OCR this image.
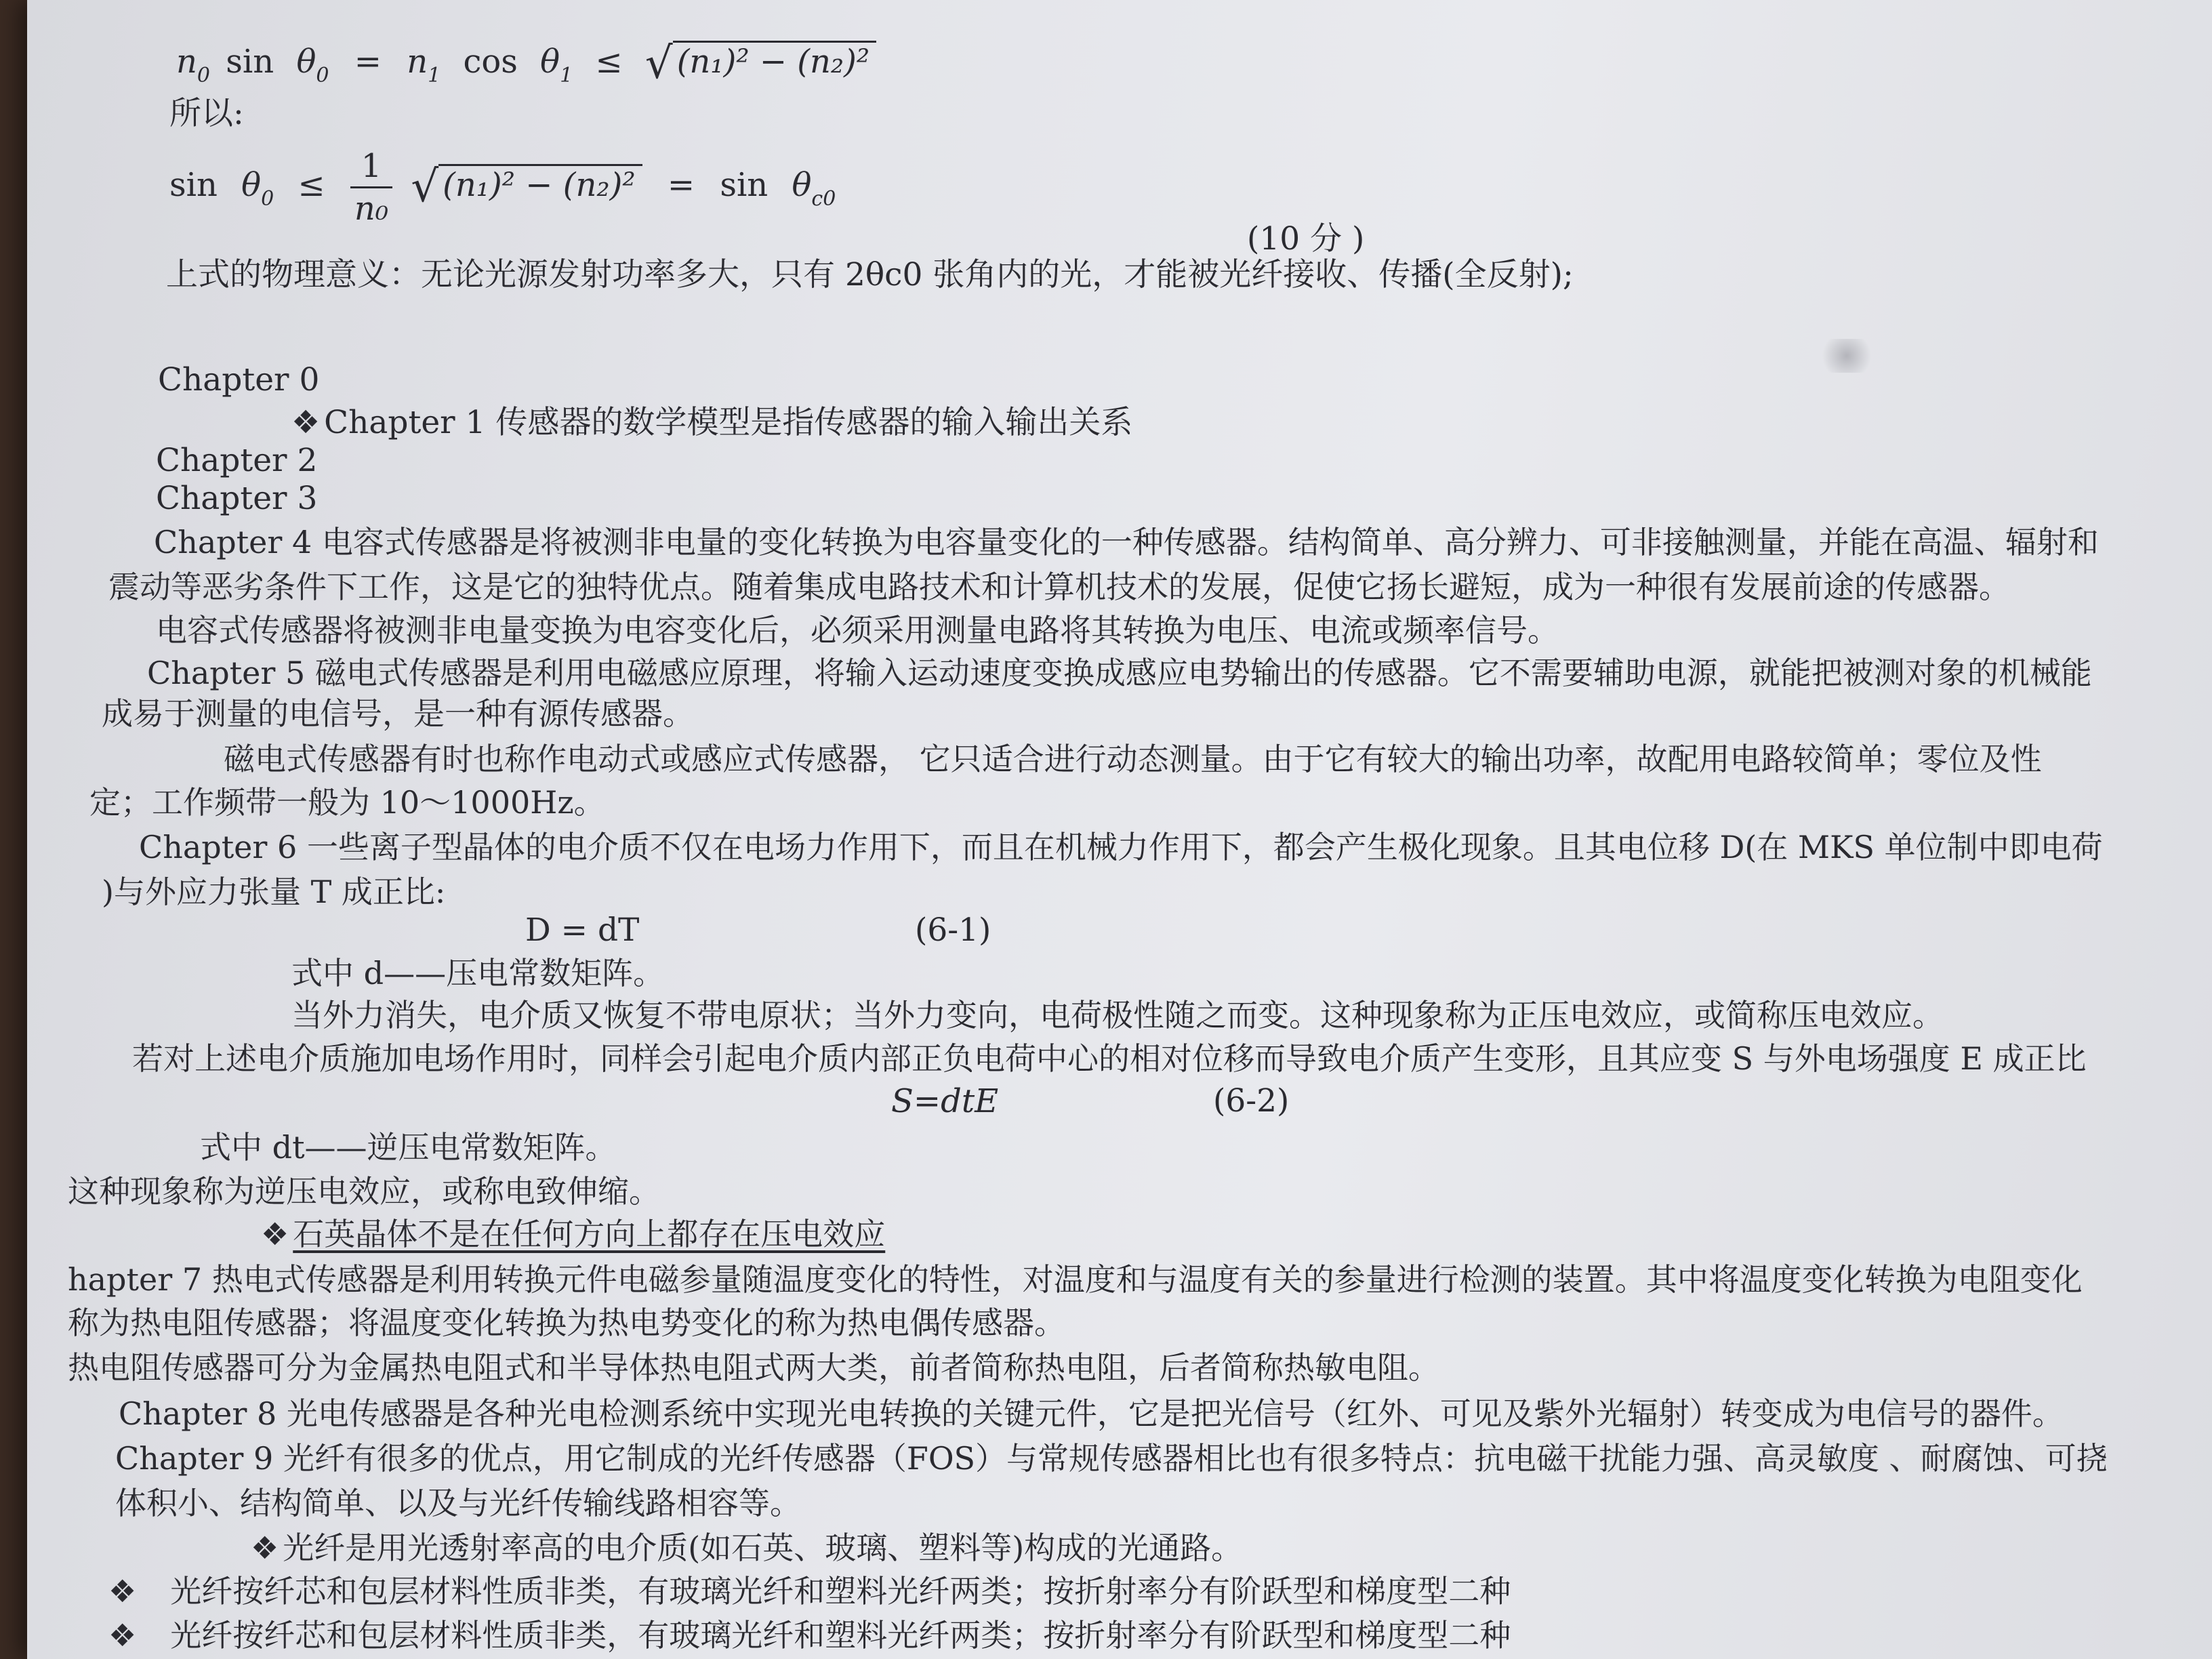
$n_0$ $\sin \theta_0 = n_1$ $\cos \theta_1$ ≤ √ (n₁)² − (n₂)²
所以:
$\sin \theta_0 \le \frac{1}{\text{n₀}}$ √ $(n_1)^2 - (n_2)^2 = \sin \theta_{c0}$
(10 分 )
上式的物理意义：无论光源发射功率多大，只有 2θc0 张角内的光，才能被光纤接收、传播(全反射);
Chapter 0
❖ Chapter 1 传感器的数学模型是指传感器的输入输出关系
Chapter 2
Chapter 3
Chapter 4 电容式传感器是将被测非电量的变化转换为电容量变化的一种传感器。结构简单、高分辨力、可非接触测量，并能在高温、辐射和
震动等恶劣条件下工作，这是它的独特优点。随着集成电路技术和计算机技术的发展，促使它扬长避短，成为一种很有发展前途的传感器。
电容式传感器将被测非电量变换为电容变化后，必须采用测量电路将其转换为电压、电流或频率信号。
Chapter 5 磁电式传感器是利用电磁感应原理，将输入运动速度变换成感应电势输出的传感器。它不需要辅助电源，就能把被测对象的机械能
成易于测量的电信号，是一种有源传感器。
磁电式传感器有时也称作电动式或感应式传感器， 它只适合进行动态测量。由于它有较大的输出功率，故配用电路较简单；零位及性
定；工作频带一般为 10～1000Hz。
Chapter 6 一些离子型晶体的电介质不仅在电场力作用下，而且在机械力作用下，都会产生极化现象。且其电位移 D(在 MKS 单位制中即电荷
)与外应力张量 T 成正比:
D = dT	(6-1)
式中 d——压电常数矩阵。
当外力消失，电介质又恢复不带电原状；当外力变向，电荷极性随之而变。这种现象称为正压电效应，或简称压电效应。
若对上述电介质施加电场作用时，同样会引起电介质内部正负电荷中心的相对位移而导致电介质产生变形，且其应变 S 与外电场强度 E 成正比
S=dtE	(6-2)
式中 dt——逆压电常数矩阵。
这种现象称为逆压电效应，或称电致伸缩。
❖ 石英晶体不是在任何方向上都存在压电效应
hapter 7 热电式传感器是利用转换元件电磁参量随温度变化的特性，对温度和与温度有关的参量进行检测的装置。其中将温度变化转换为电阻变化
称为热电阻传感器；将温度变化转换为热电势变化的称为热电偶传感器。
热电阻传感器可分为金属热电阻式和半导体热电阻式两大类，前者简称热电阻，后者简称热敏电阻。
Chapter 8 光电传感器是各种光电检测系统中实现光电转换的关键元件，它是把光信号（红外、可见及紫外光辐射）转变成为电信号的器件。
Chapter 9 光纤有很多的优点，用它制成的光纤传感器（FOS）与常规传感器相比也有很多特点：抗电磁干扰能力强、高灵敏度 、耐腐蚀、可挠
体积小、结构简单、以及与光纤传输线路相容等。
❖ 光纤是用光透射率高的电介质(如石英、玻璃、塑料等)构成的光通路。
❖ 光纤按纤芯和包层材料性质非类，有玻璃光纤和塑料光纤两类；按折射率分有阶跃型和梯度型二种
❖ 光纤按纤芯和包层材料性质非类，有玻璃光纤和塑料光纤两类；按折射率分有阶跃型和梯度型二种
